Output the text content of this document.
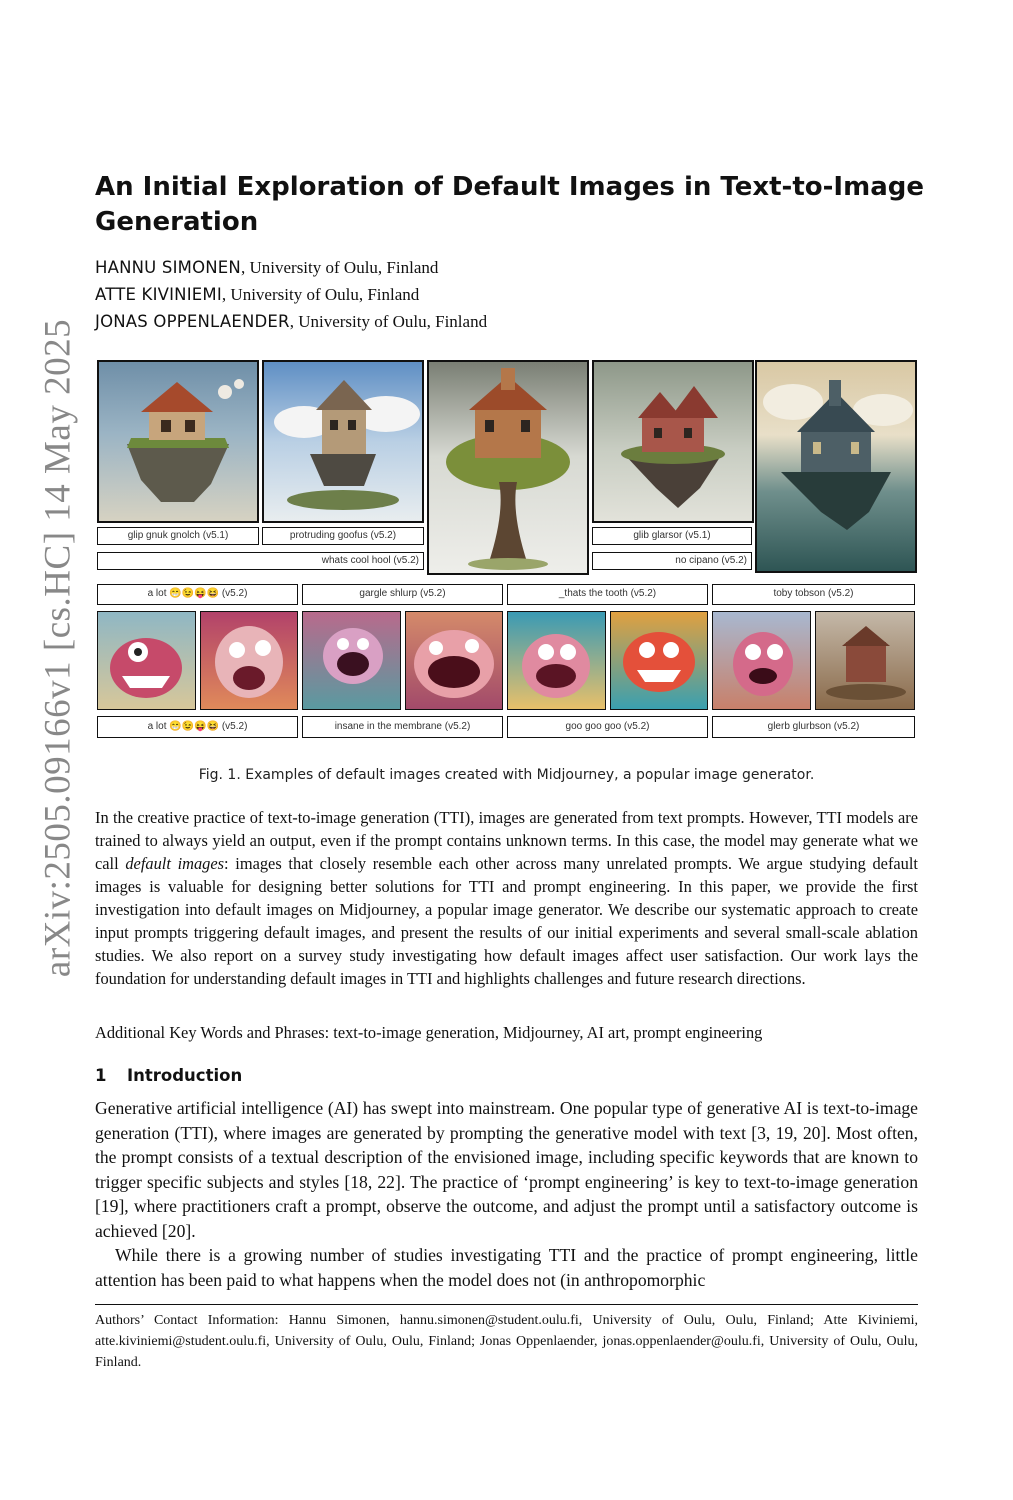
arXiv:2505.09166v1 [cs.HC] 14 May 2025
An Initial Exploration of Default Images in Text-to-Image Generation
HANNU SIMONEN, University of Oulu, Finland
ATTE KIVINIEMI, University of Oulu, Finland
JONAS OPPENLAENDER, University of Oulu, Finland
glip gnuk gnolch (v5.1)	protruding goofus (v5.2)	glib glarsor (v5.1)
whats cool hool (v5.2)	no cipano (v5.2)
a lot 😁😉😝😆 (v5.2)	gargle shlurp (v5.2)	_thats the tooth (v5.2)	toby tobson (v5.2)
a lot 😁😉😝😆 (v5.2)	insane in the membrane (v5.2)	goo goo goo (v5.2)	glerb glurbson (v5.2)
Fig. 1. Examples of default images created with Midjourney, a popular image generator.
In the creative practice of text-to-image generation (TTI), images are generated from text prompts. However, TTI models are trained to always yield an output, even if the prompt contains unknown terms. In this case, the model may generate what we call default images: images that closely resemble each other across many unrelated prompts. We argue studying default images is valuable for designing better solutions for TTI and prompt engineering. In this paper, we provide the first investigation into default images on Midjourney, a popular image generator. We describe our systematic approach to create input prompts triggering default images, and present the results of our initial experiments and several small-scale ablation studies. We also report on a survey study investigating how default images affect user satisfaction. Our work lays the foundation for understanding default images in TTI and highlights challenges and future research directions.
Additional Key Words and Phrases: text-to-image generation, Midjourney, AI art, prompt engineering
1 Introduction

Generative artificial intelligence (AI) has swept into mainstream. One popular type of generative AI is text-to-image generation (TTI), where images are generated by prompting the generative model with text [3, 19, 20]. Most often, the prompt consists of a textual description of the envisioned image, including specific keywords that are known to trigger specific subjects and styles [18, 22]. The practice of ‘prompt engineering’ is key to text-to-image generation [19], where practitioners craft a prompt, observe the outcome, and adjust the prompt until a satisfactory outcome is achieved [20].

While there is a growing number of studies investigating TTI and the practice of prompt engineering, little attention has been paid to what happens when the model does not (in anthropomorphic

Authors’ Contact Information: Hannu Simonen, hannu.simonen@student.oulu.fi, University of Oulu, Oulu, Finland; Atte Kiviniemi, atte.kiviniemi@student.oulu.fi, University of Oulu, Oulu, Finland; Jonas Oppenlaender, jonas.oppenlaender@oulu.fi, University of Oulu, Oulu, Finland.
